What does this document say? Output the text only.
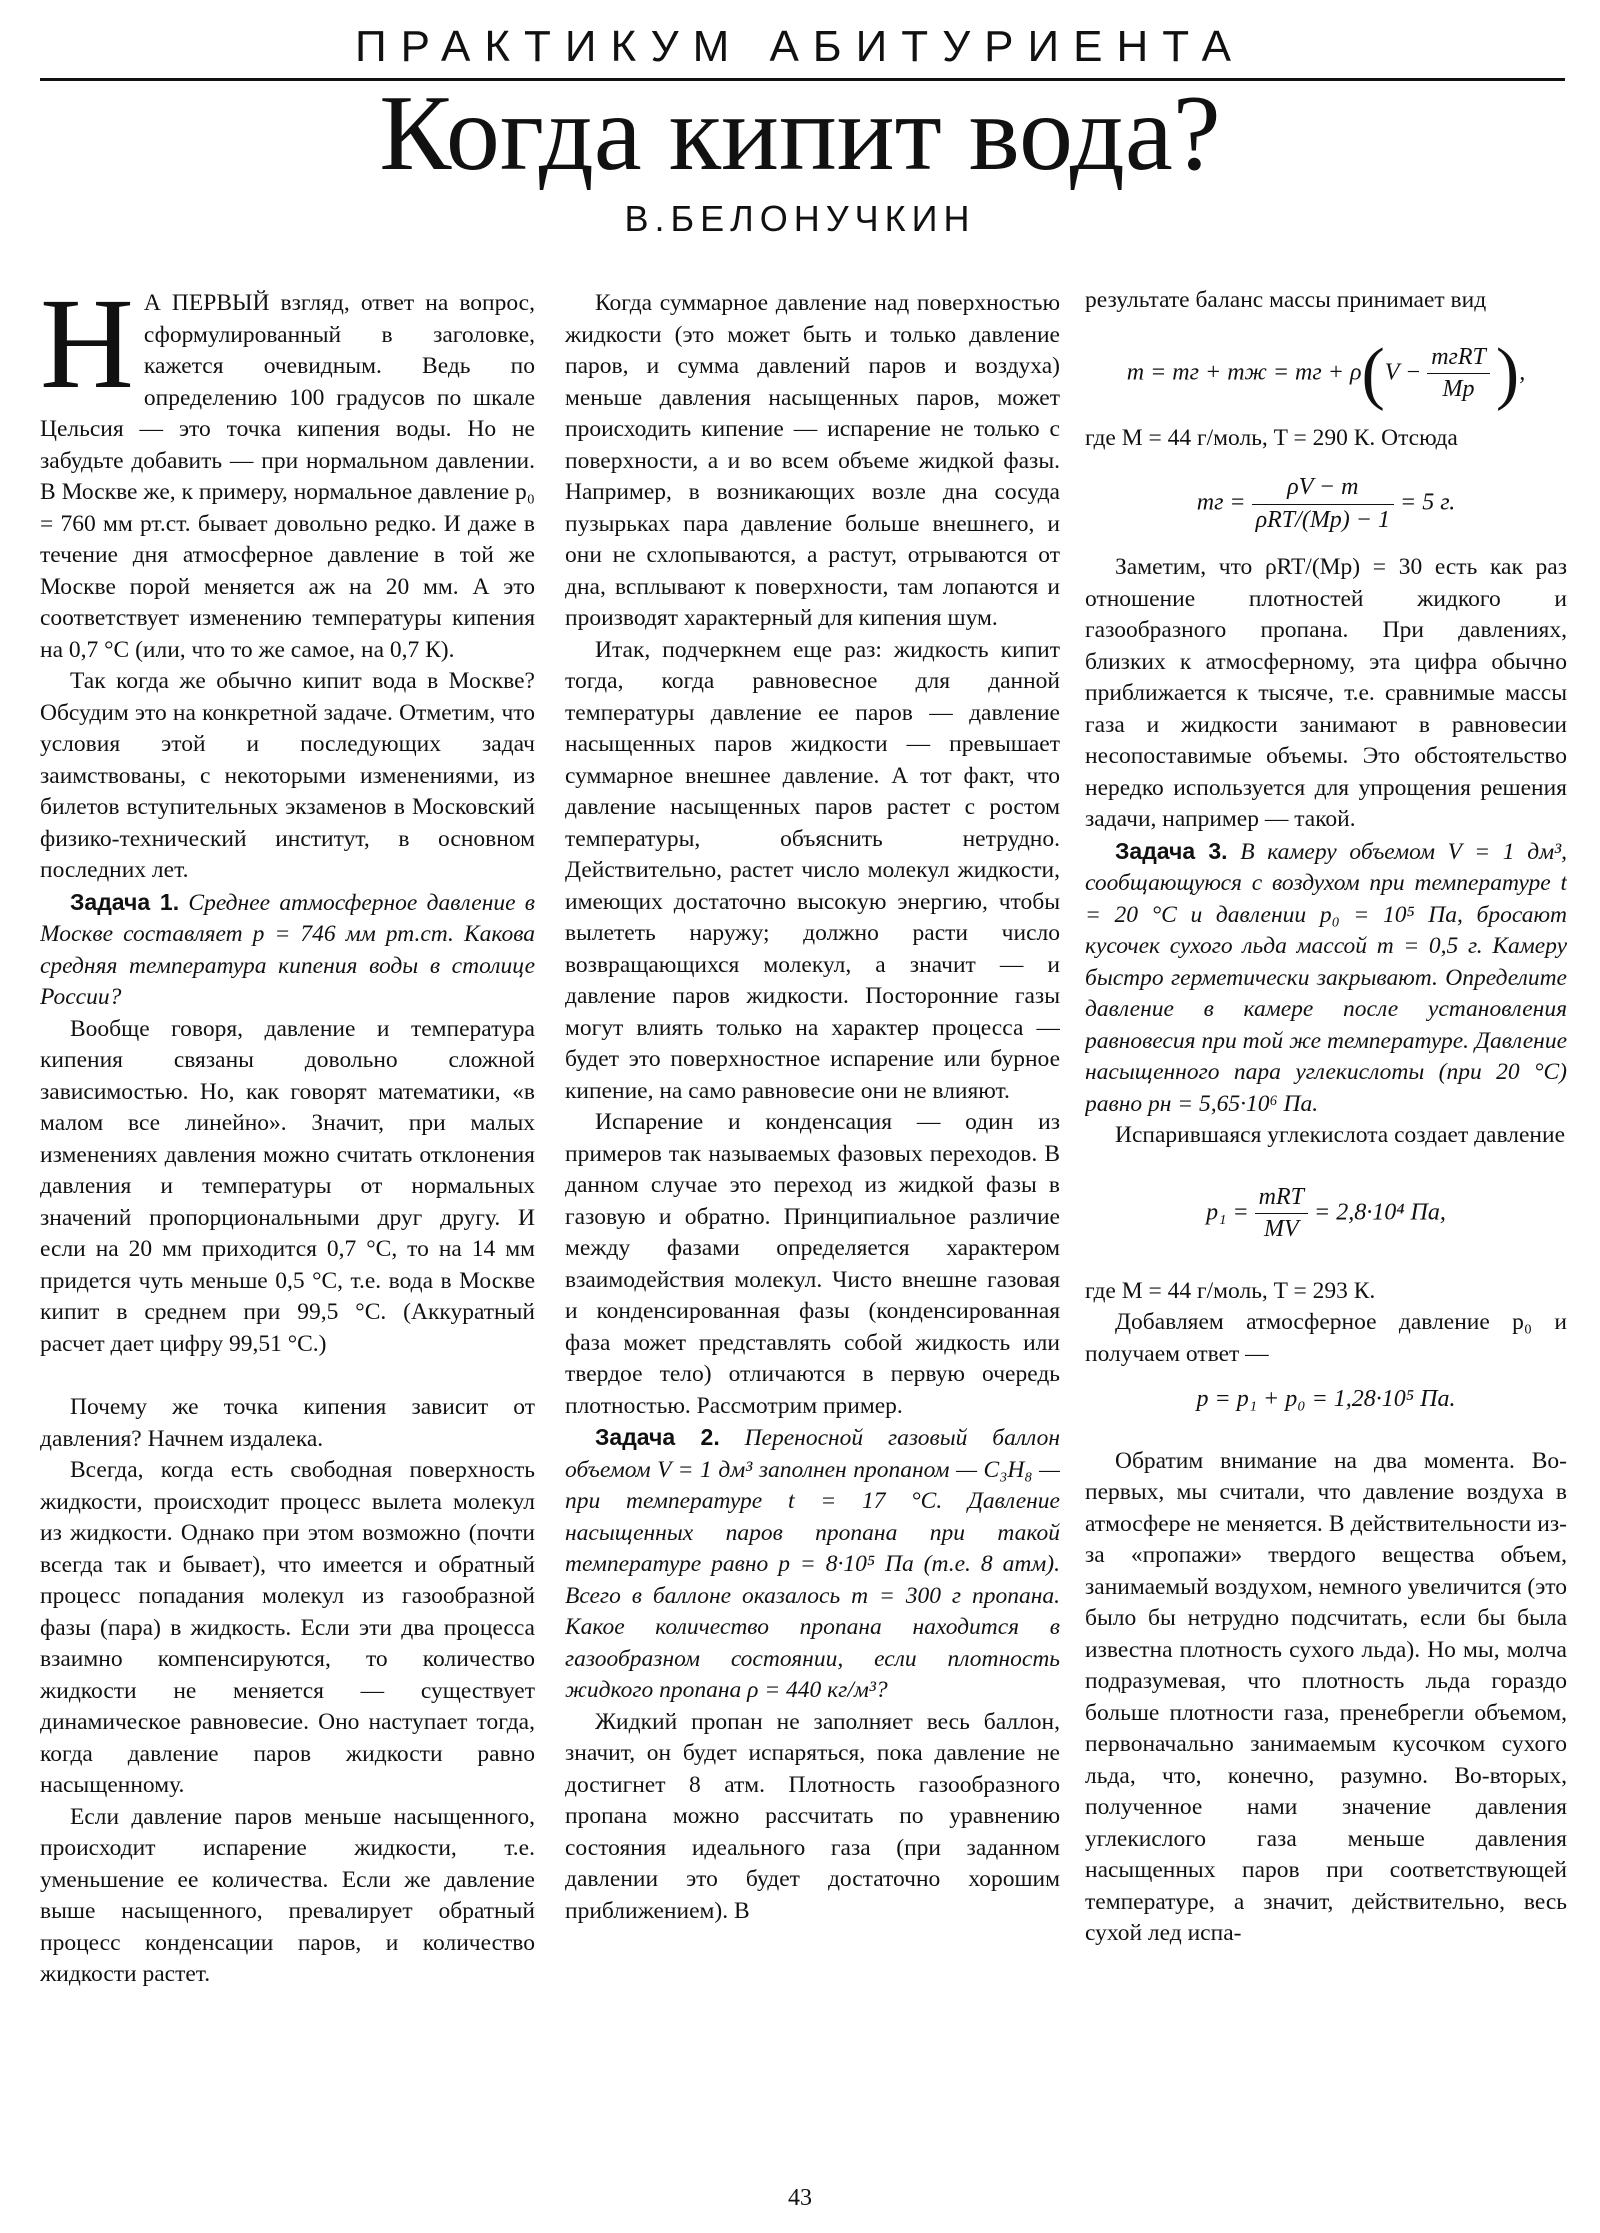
ПРАКТИКУМ АБИТУРИЕНТА
Когда кипит вода?
В.БЕЛОНУЧКИН

Н А ПЕРВЫЙ взгляд, ответ на вопрос, сформулированный в заголовке, кажется очевидным. Ведь по определению 100 градусов по шкале Цельсия — это точка кипения воды. Но не забудьте добавить — при нормальном давлении. В Москве же, к примеру, нормальное давление p₀ = 760 мм рт.ст. бывает довольно редко. И даже в течение дня атмосферное давление в той же Москве порой меняется аж на 20 мм. А это соответствует изменению температуры кипения на 0,7 °С (или, что то же самое, на 0,7 К).

Так когда же обычно кипит вода в Москве? Обсудим это на конкретной задаче. Отметим, что условия этой и последующих задач заимствованы, с некоторыми изменениями, из билетов вступительных экзаменов в Московский физико-технический институт, в основном последних лет.

Задача 1. Среднее атмосферное давление в Москве составляет p = 746 мм рт.ст. Какова средняя температура кипения воды в столице России?

Вообще говоря, давление и температура кипения связаны довольно сложной зависимостью. Но, как говорят математики, «в малом все линейно». Значит, при малых изменениях давления можно считать отклонения давления и температуры от нормальных значений пропорциональными друг другу. И если на 20 мм приходится 0,7 °С, то на 14 мм придется чуть меньше 0,5 °С, т.е. вода в Москве кипит в среднем при 99,5 °С. (Аккуратный расчет дает цифру 99,51 °С.)

Почему же точка кипения зависит от давления? Начнем издалека.

Всегда, когда есть свободная поверхность жидкости, происходит процесс вылета молекул из жидкости. Однако при этом возможно (почти всегда так и бывает), что имеется и обратный процесс попадания молекул из газообразной фазы (пара) в жидкость. Если эти два процесса взаимно компенсируются, то количество жидкости не меняется — существует динамическое равновесие. Оно наступает тогда, когда давление паров жидкости равно насыщенному.

Если давление паров меньше насыщенного, происходит испарение жидкости, т.е. уменьшение ее количества. Если же давление выше насыщенного, превалирует обратный процесс конденсации паров, и количество жидкости растет.

Когда суммарное давление над поверхностью жидкости (это может быть и только давление паров, и сумма давлений паров и воздуха) меньше давления насыщенных паров, может происходить кипение — испарение не только с поверхности, а и во всем объеме жидкой фазы. Например, в возникающих возле дна сосуда пузырьках пара давление больше внешнего, и они не схлопываются, а растут, отрываются от дна, всплывают к поверхности, там лопаются и производят характерный для кипения шум.

Итак, подчеркнем еще раз: жидкость кипит тогда, когда равновесное для данной температуры давление ее паров — давление насыщенных паров жидкости — превышает суммарное внешнее давление. А тот факт, что давление насыщенных паров растет с ростом температуры, объяснить нетрудно. Действительно, растет число молекул жидкости, имеющих достаточно высокую энергию, чтобы вылететь наружу; должно расти число возвращающихся молекул, а значит — и давление паров жидкости. Посторонние газы могут влиять только на характер процесса — будет это поверхностное испарение или бурное кипение, на само равновесие они не влияют.

Испарение и конденсация — один из примеров так называемых фазовых переходов. В данном случае это переход из жидкой фазы в газовую и обратно. Принципиальное различие между фазами определяется характером взаимодействия молекул. Чисто внешне газовая и конденсированная фазы (конденсированная фаза может представлять собой жидкость или твердое тело) отличаются в первую очередь плотностью. Рассмотрим пример.

Задача 2. Переносной газовый баллон объемом V = 1 дм³ заполнен пропаном — C₃H₈ — при температуре t = 17 °С. Давление насыщенных паров пропана при такой температуре равно p = 8·10⁵ Па (т.е. 8 атм). Всего в баллоне оказалось m = 300 г пропана. Какое количество пропана находится в газообразном состоянии, если плотность жидкого пропана ρ = 440 кг/м³?

Жидкий пропан не заполняет весь баллон, значит, он будет испаряться, пока давление не достигнет 8 атм. Плотность газообразного пропана можно рассчитать по уравнению состояния идеального газа (при заданном давлении это будет достаточно хорошим приближением). В

результате баланс массы принимает вид

m = mг + mж = mг + $\rho(V - \frac{\text{mгRT}}{Mp}$ ),

где M = 44 г/моль, T = 290 К. Отсюда

mг = $\frac{\rho V - m}{\text{ρRT/(Mp) − 1}} = 5$ г.

Заметим, что ρRT/(Mp) = 30 есть как раз отношение плотностей жидкого и газообразного пропана. При давлениях, близких к атмосферному, эта цифра обычно приближается к тысяче, т.е. сравнимые массы газа и жидкости занимают в равновесии несопоставимые объемы. Это обстоятельство нередко используется для упрощения решения задачи, например — такой.

Задача 3. В камеру объемом V = 1 дм³, сообщающуюся с воздухом при температуре t = 20 °С и давлении p₀ = 10⁵ Па, бросают кусочек сухого льда массой m = 0,5 г. Камеру быстро герметически закрывают. Определите давление в камере после установления равновесия при той же температуре. Давление насыщенного пара углекислоты (при 20 °С) равно pн = 5,65·10⁶ Па.

Испарившаяся углекислота создает давление

$p_1 = \frac{\text{mRT}}{MV} = 2,8\cdot 10^4$ Па,

где M = 44 г/моль, T = 293 К.

Добавляем атмосферное давление p₀ и получаем ответ —

p = p₁ + p₀ = 1,28·10⁵ Па.

Обратим внимание на два момента. Во-первых, мы считали, что давление воздуха в атмосфере не меняется. В действительности из-за «пропажи» твердого вещества объем, занимаемый воздухом, немного увеличится (это было бы нетрудно подсчитать, если бы была известна плотность сухого льда). Но мы, молча подразумевая, что плотность льда гораздо больше плотности газа, пренебрегли объемом, первоначально занимаемым кусочком сухого льда, что, конечно, разумно. Во-вторых, полученное нами значение давления углекислого газа меньше давления насыщенных паров при соответствующей температуре, а значит, действительно, весь сухой лед испа-

43
